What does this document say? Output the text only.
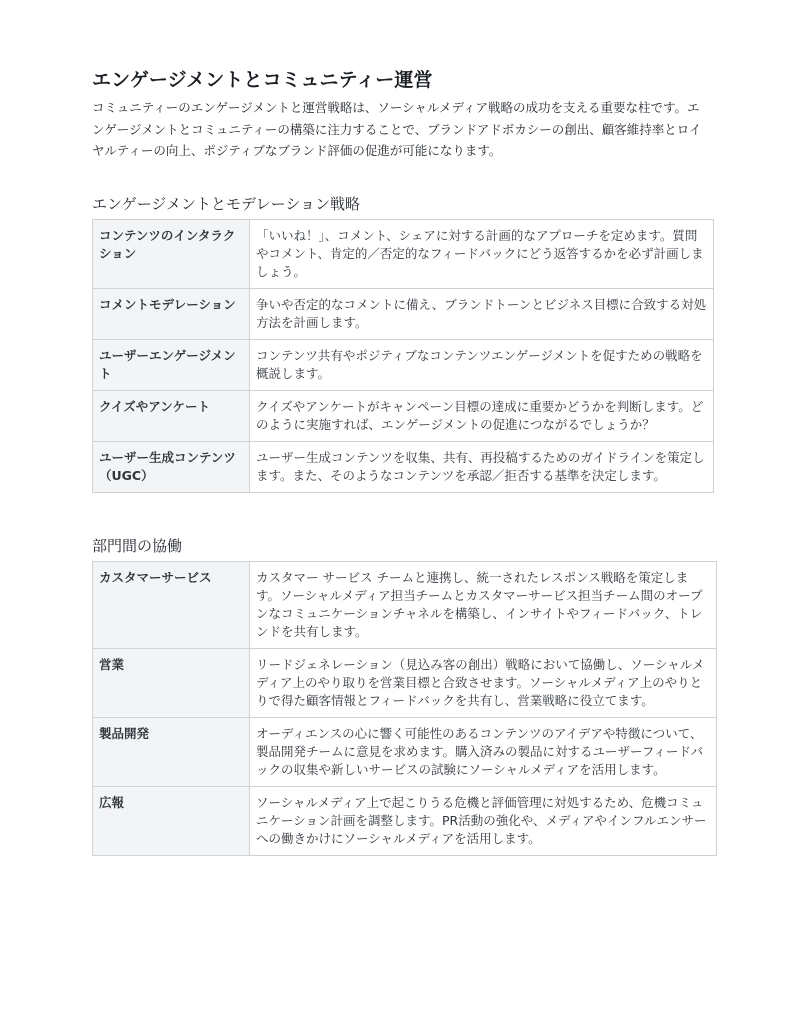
エンゲージメントとコミュニティー運営

コミュニティーのエンゲージメントと運営戦略は、ソーシャルメディア戦略の成功を支える重要な柱です。エンゲージメントとコミュニティーの構築に注力することで、ブランドアドボカシーの創出、顧客維持率とロイヤルティーの向上、ポジティブなブランド評価の促進が可能になります。

エンゲージメントとモデレーション戦略
コンテンツのインタラクション	「いいね！」、コメント、シェアに対する計画的なアプローチを定めます。質問やコメント、肯定的／否定的なフィードバックにどう返答するかを必ず計画しましょう。
コメントモデレーション	争いや否定的なコメントに備え、ブランドトーンとビジネス目標に合致する対処方法を計画します。
ユーザーエンゲージメント	コンテンツ共有やポジティブなコンテンツエンゲージメントを促すための戦略を概説します。
クイズやアンケート	クイズやアンケートがキャンペーン目標の達成に重要かどうかを判断します。どのように実施すれば、エンゲージメントの促進につながるでしょうか？
ユーザー生成コンテンツ（UGC）	ユーザー生成コンテンツを収集、共有、再投稿するためのガイドラインを策定します。また、そのようなコンテンツを承認／拒否する基準を決定します。
部門間の協働
カスタマーサービス	カスタマー サービス チームと連携し、統一されたレスポンス戦略を策定します。ソーシャルメディア担当チームとカスタマーサービス担当チーム間のオープンなコミュニケーションチャネルを構築し、インサイトやフィードバック、トレンドを共有します。
営業	リードジェネレーション（見込み客の創出）戦略において協働し、ソーシャルメディア上のやり取りを営業目標と合致させます。ソーシャルメディア上のやりとりで得た顧客情報とフィードバックを共有し、営業戦略に役立てます。
製品開発	オーディエンスの心に響く可能性のあるコンテンツのアイデアや特徴について、製品開発チームに意見を求めます。購入済みの製品に対するユーザーフィードバックの収集や新しいサービスの試験にソーシャルメディアを活用します。
広報	ソーシャルメディア上で起こりうる危機と評価管理に対処するため、危機コミュニケーション計画を調整します。PR活動の強化や、メディアやインフルエンサーへの働きかけにソーシャルメディアを活用します。
